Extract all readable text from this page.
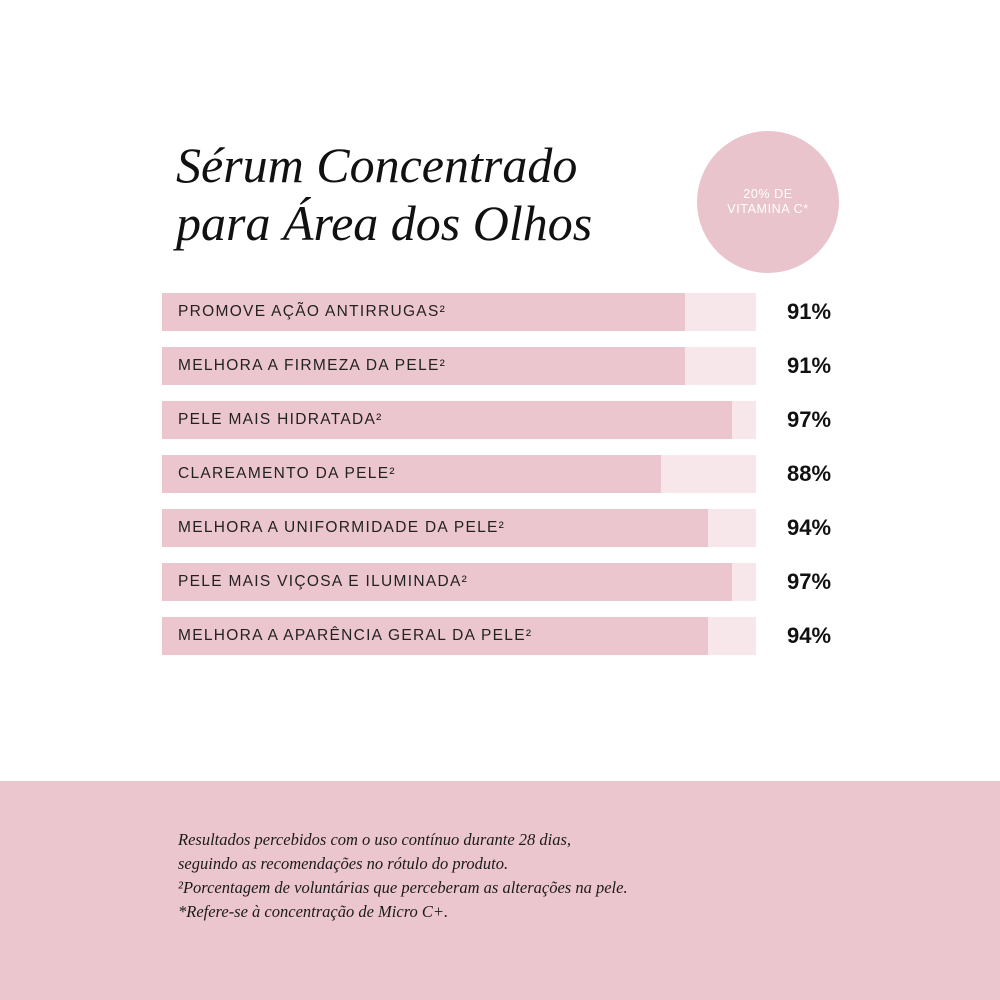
Sérum Concentrado
para Área dos Olhos
20% DE
VITAMINA C*
PROMOVE AÇÃO ANTIRRUGAS²	91%
MELHORA A FIRMEZA DA PELE²	91%
PELE MAIS HIDRATADA²	97%
CLAREAMENTO DA PELE²	88%
MELHORA A UNIFORMIDADE DA PELE²	94%
PELE MAIS VIÇOSA E ILUMINADA²	97%
MELHORA A APARÊNCIA GERAL DA PELE²	94%
Resultados percebidos com o uso contínuo durante 28 dias,
seguindo as recomendações no rótulo do produto.
²Porcentagem de voluntárias que perceberam as alterações na pele.
*Refere-se à concentração de Micro C+.
